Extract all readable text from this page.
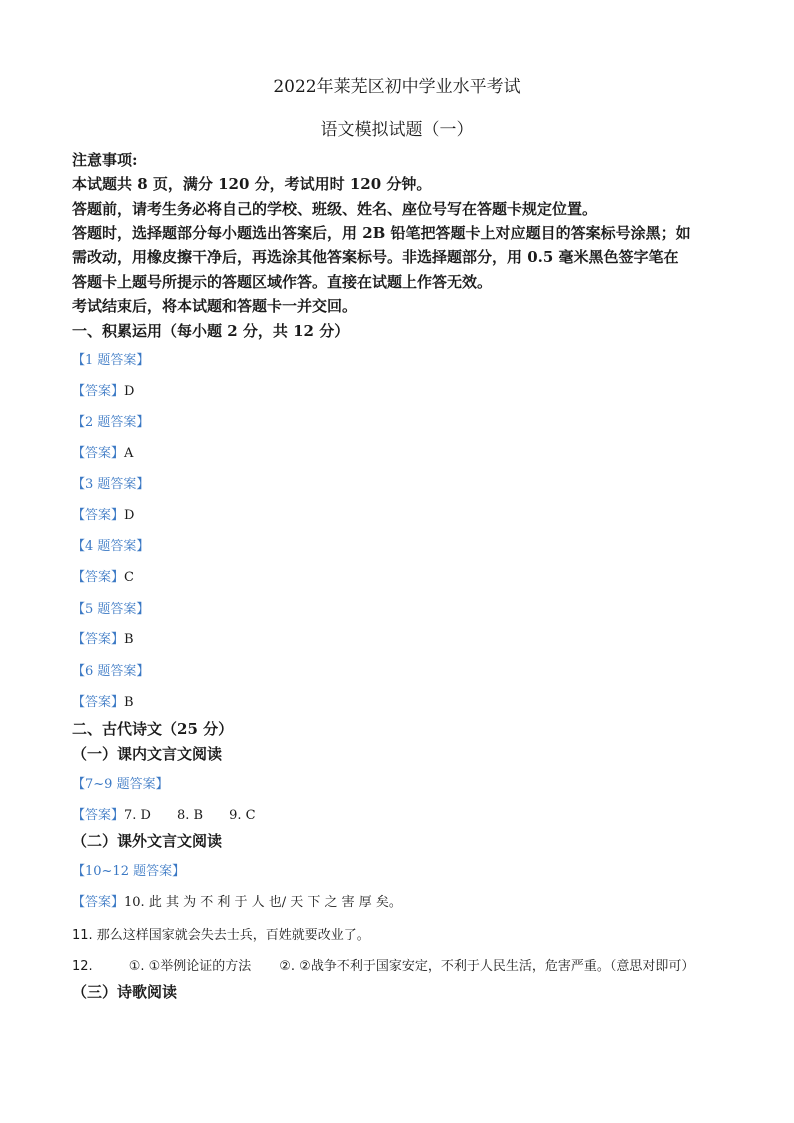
2022年莱芜区初中学业水平考试
语文模拟试题（一）
注意事项:
本试题共 8 页，满分 120 分，考试用时 120 分钟。
答题前，请考生务必将自己的学校、班级、姓名、座位号写在答题卡规定位置。
答题时，选择题部分每小题选出答案后，用 2B 铅笔把答题卡上对应题目的答案标号涂黑；如
需改动，用橡皮擦干净后，再选涂其他答案标号。非选择题部分，用 0.5 毫米黑色签字笔在
答题卡上题号所提示的答题区域作答。直接在试题上作答无效。
考试结束后，将本试题和答题卡一并交回。
一、积累运用（每小题 2 分，共 12 分）
【1 题答案】
【答案】D
【2 题答案】
【答案】A
【3 题答案】
【答案】D
【4 题答案】
【答案】C
【5 题答案】
【答案】B
【6 题答案】
【答案】B
二、古代诗文（25 分）
（一）课内文言文阅读
【7~9 题答案】
【答案】7. D 8. B 9. C
（二）课外文言文阅读
【10~12 题答案】
【答案】10. 此 其 为 不 利 于 人 也/ 天 下 之 害 厚 矣。
11. 那么这样国家就会失去士兵，百姓就要改业了。
12.	①. ①举例论证的方法 ②. ②战争不利于国家安定，不利于人民生活，危害严重。（意思对即可）
（三）诗歌阅读
